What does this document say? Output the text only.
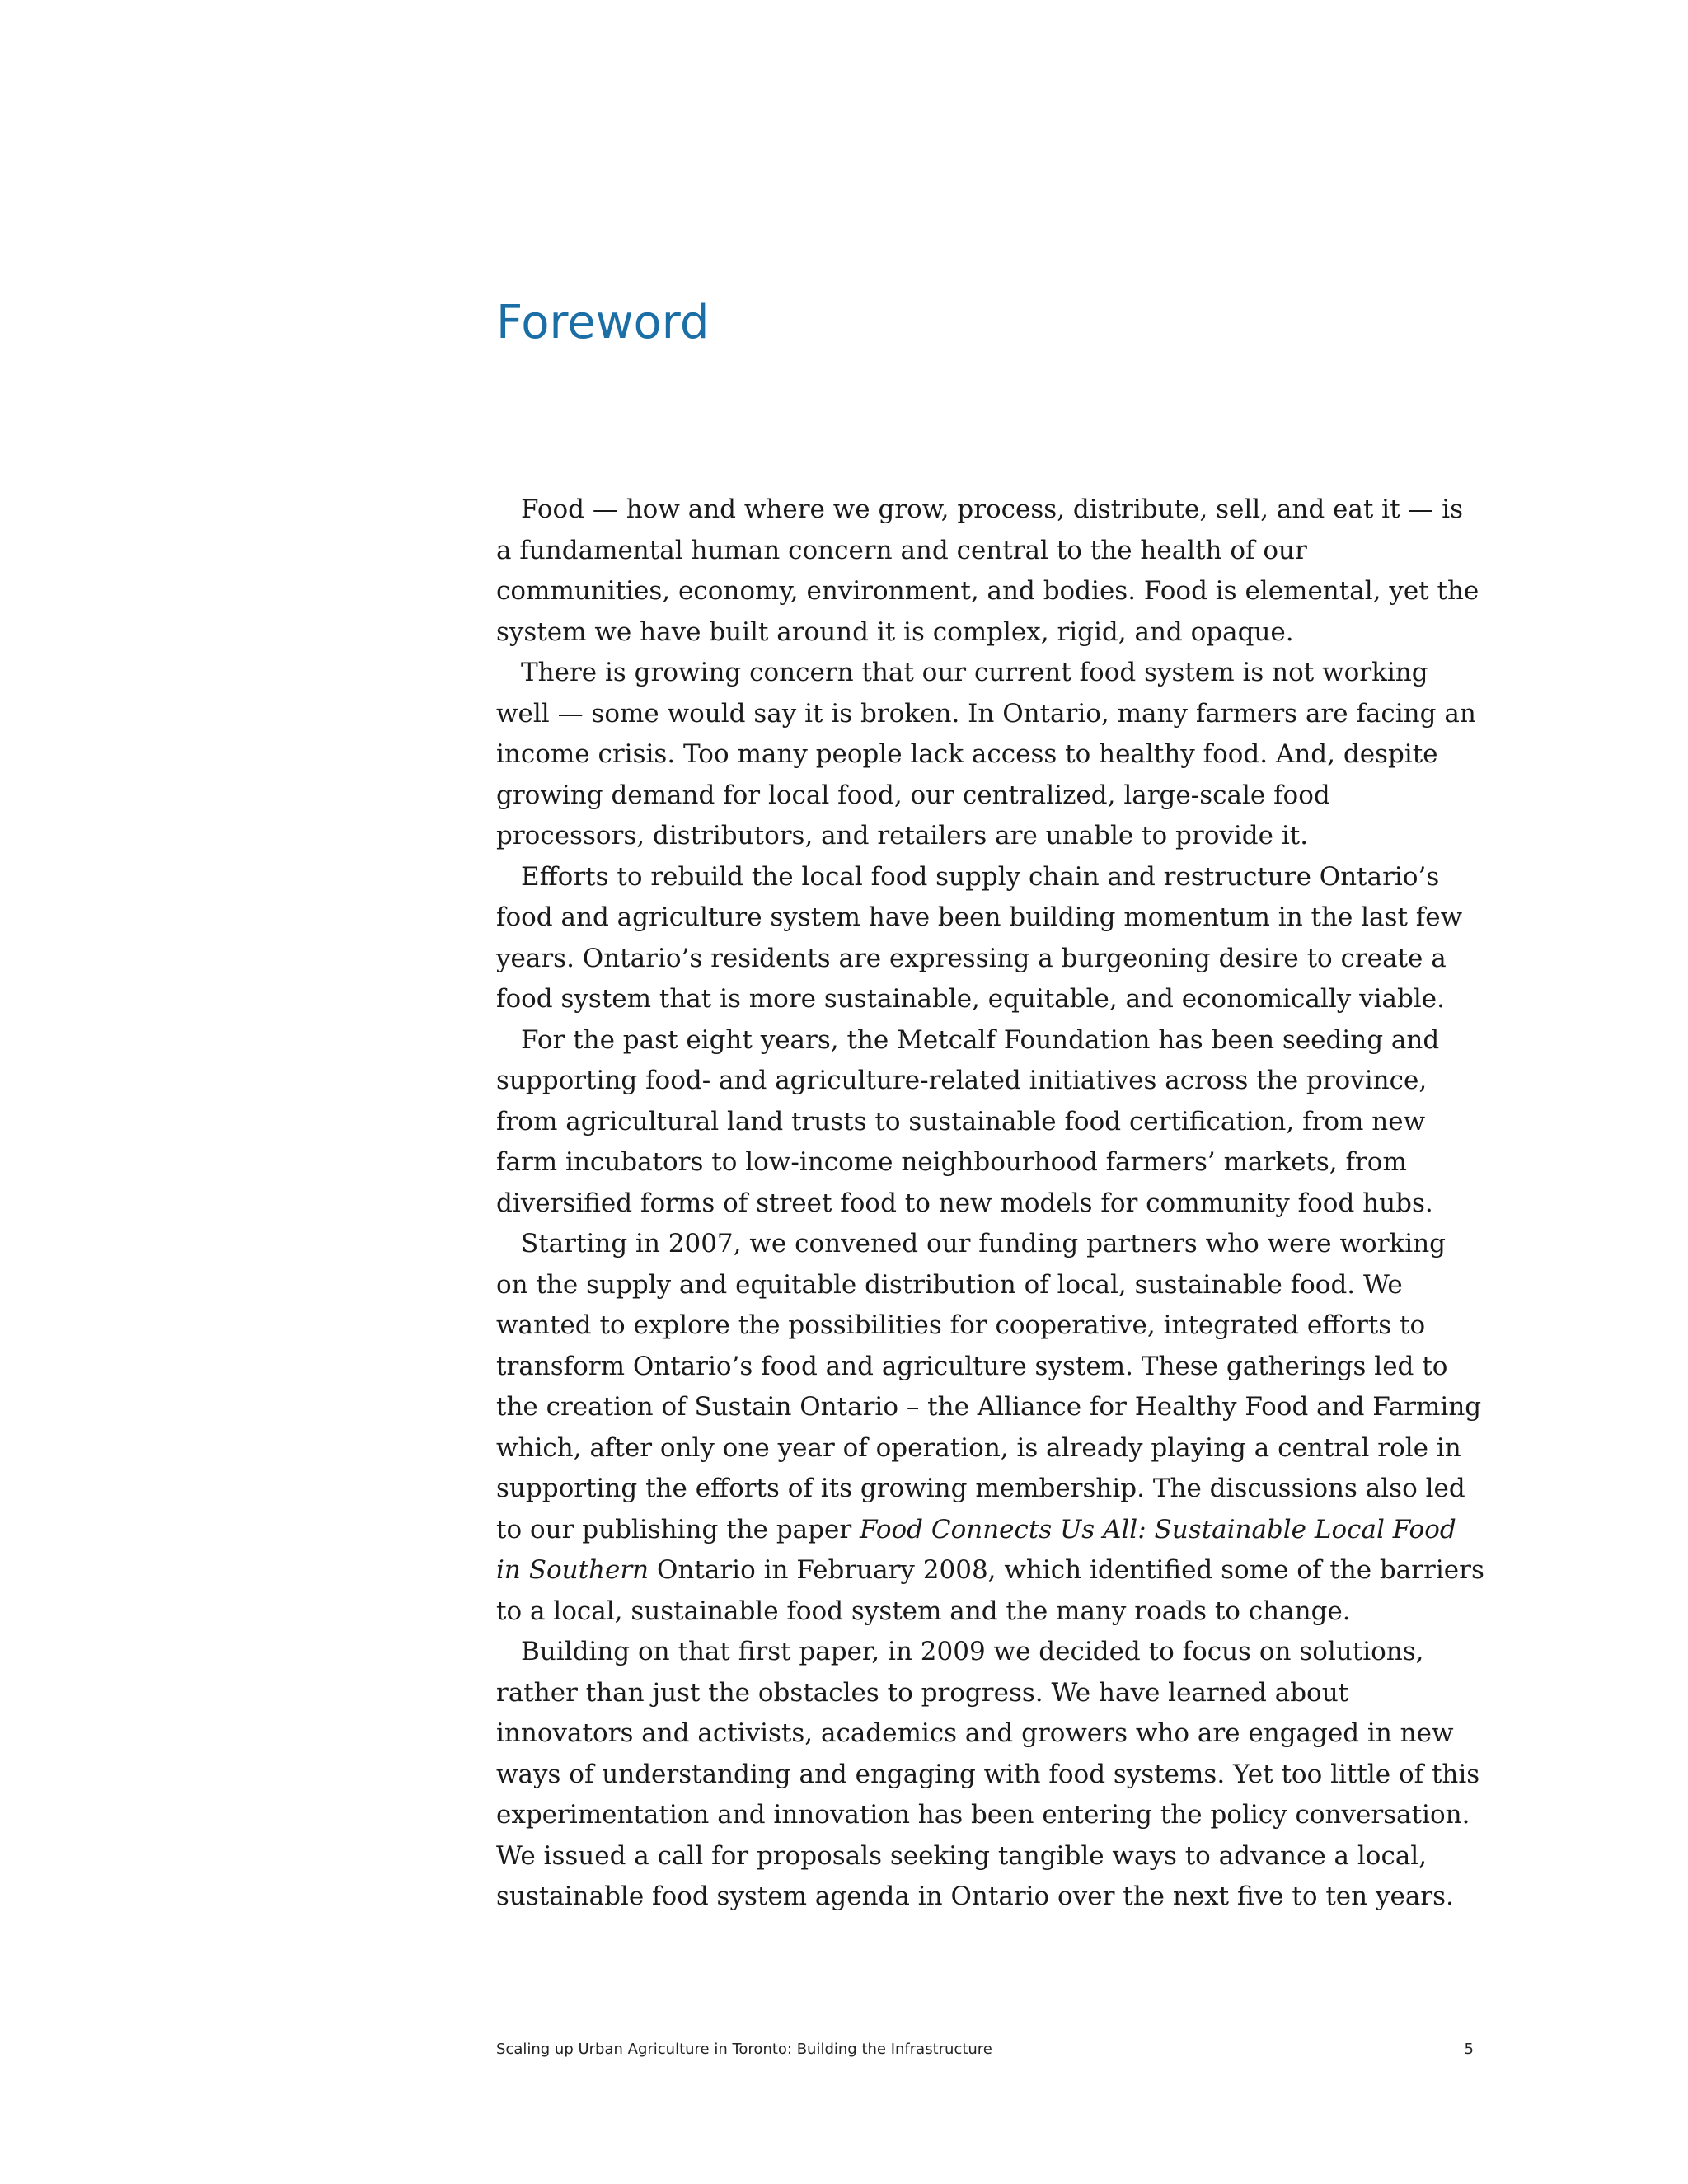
Foreword

Food — how and where we grow, process, distribute, sell, and eat it — is a fundamental human concern and central to the health of our communities, economy, environment, and bodies. Food is elemental, yet the system we have built around it is complex, rigid, and opaque.

There is growing concern that our current food system is not working well — some would say it is broken. In Ontario, many farmers are facing an income crisis. Too many people lack access to healthy food. And, despite growing demand for local food, our centralized, large-scale food processors, distributors, and retailers are unable to provide it.

Efforts to rebuild the local food supply chain and restructure Ontario’s food and agriculture system have been building momentum in the last few years. Ontario’s residents are expressing a burgeoning desire to create a food system that is more sustainable, equitable, and economically viable.

For the past eight years, the Metcalf Foundation has been seeding and supporting food- and agriculture-related initiatives across the province, from agricultural land trusts to sustainable food certification, from new farm incubators to low-income neighbourhood farmers’ markets, from diversified forms of street food to new models for community food hubs.

Starting in 2007, we convened our funding partners who were working on the supply and equitable distribution of local, sustainable food. We wanted to explore the possibilities for cooperative, integrated efforts to transform Ontario’s food and agriculture system. These gatherings led to the creation of Sustain Ontario – the Alliance for Healthy Food and Farming which, after only one year of operation, is already playing a central role in supporting the efforts of its growing membership. The discussions also led to our publishing the paper Food Connects Us All: Sustainable Local Food in Southern Ontario in February 2008, which identified some of the barriers to a local, sustainable food system and the many roads to change.

Building on that first paper, in 2009 we decided to focus on solutions, rather than just the obstacles to progress. We have learned about innovators and activists, academics and growers who are engaged in new ways of understanding and engaging with food systems. Yet too little of this experimentation and innovation has been entering the policy conversation. We issued a call for proposals seeking tangible ways to advance a local, sustainable food system agenda in Ontario over the next five to ten years.

Scaling up Urban Agriculture in Toronto: Building the Infrastructure	5
